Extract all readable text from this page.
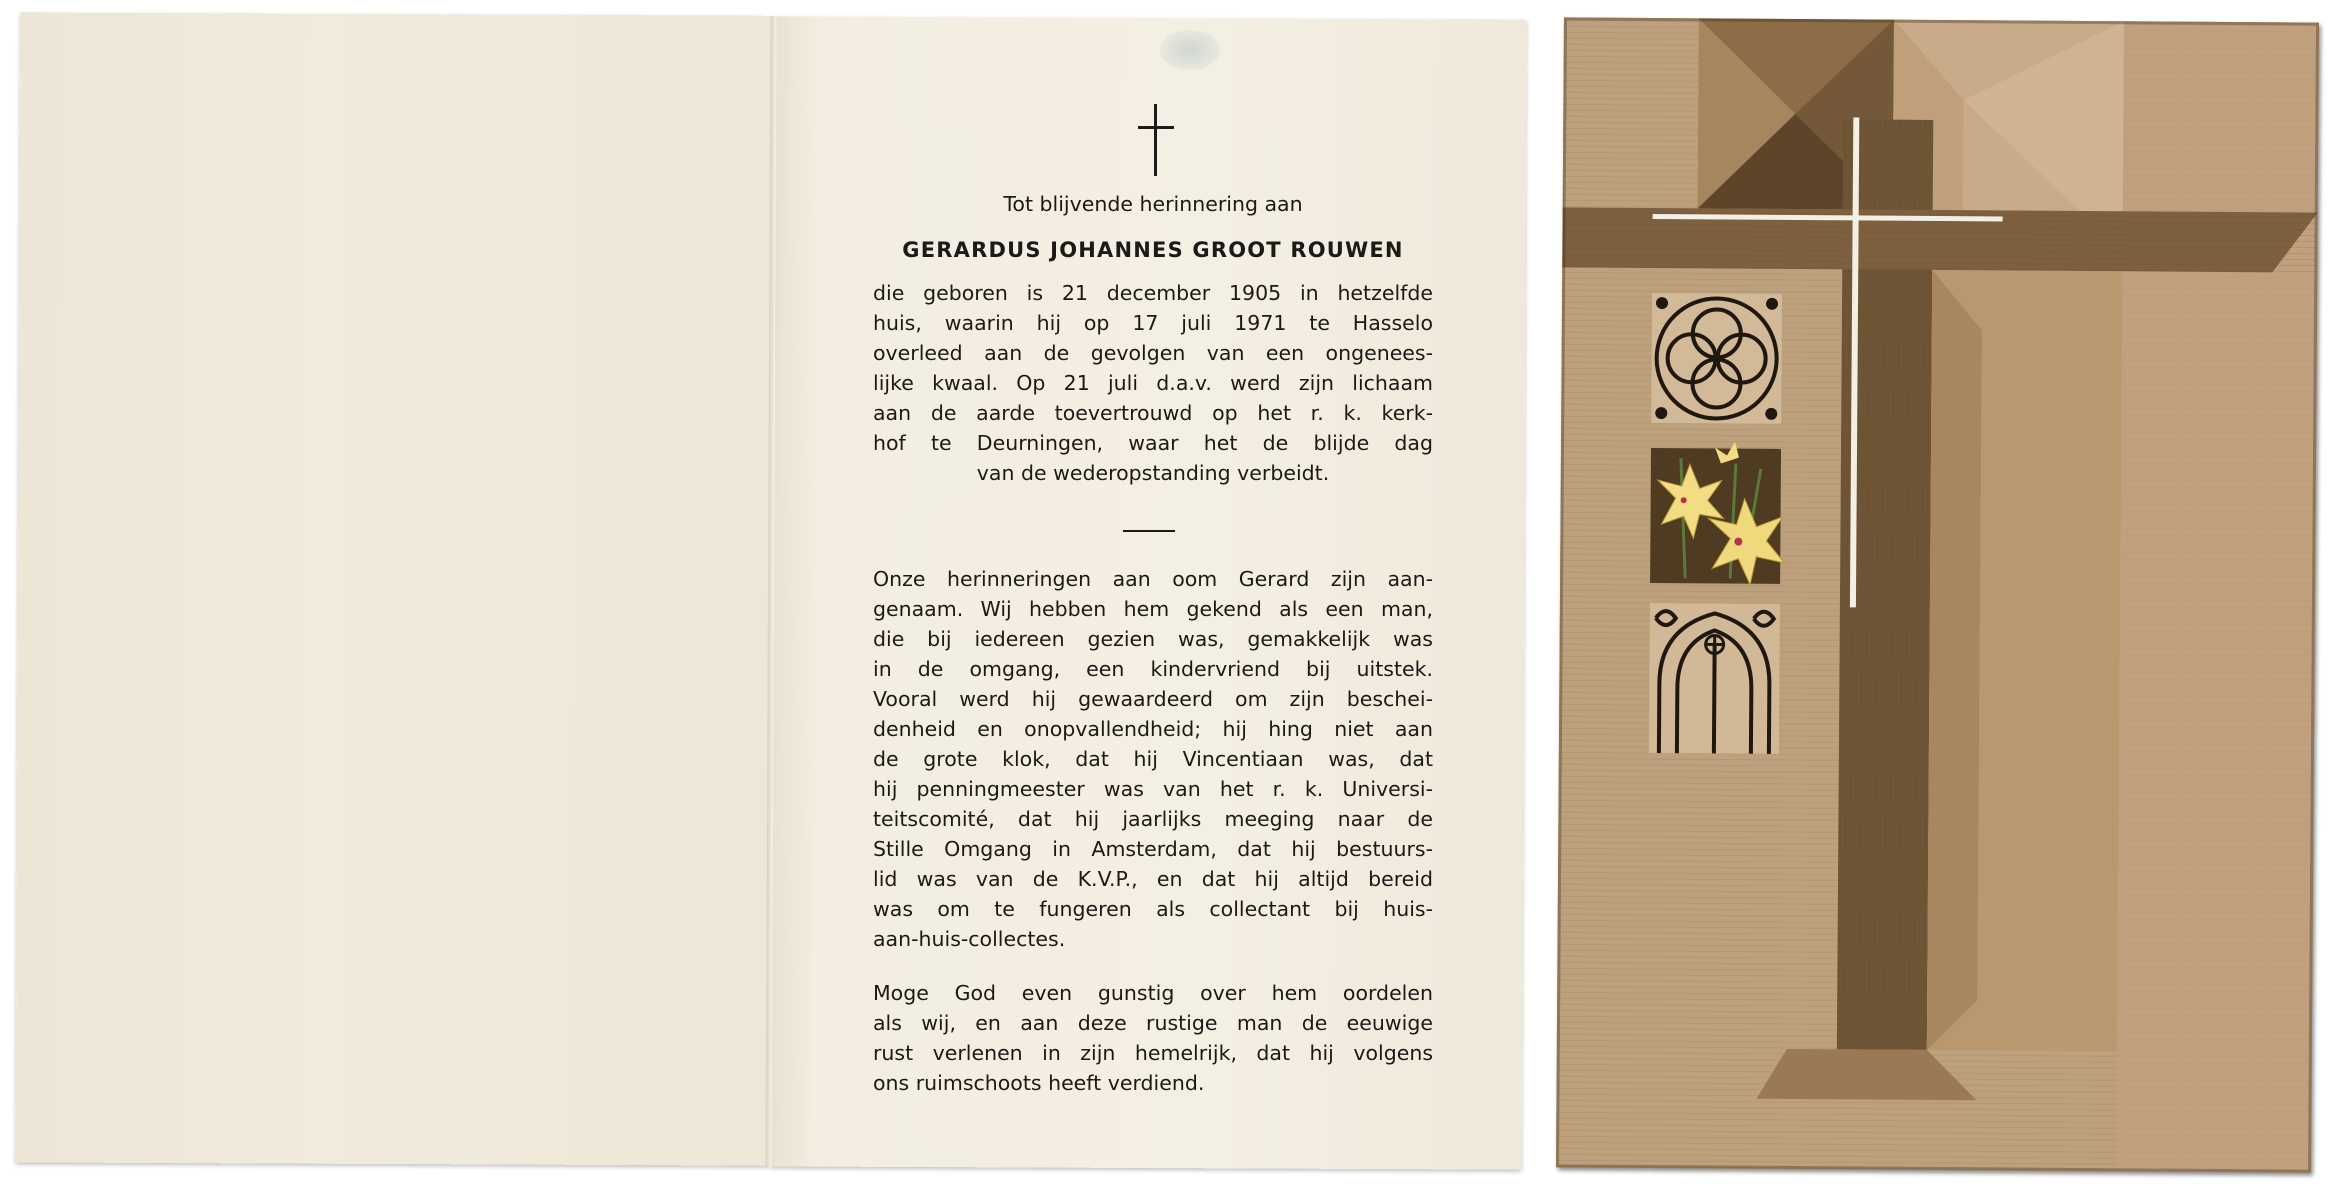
Tot blijvende herinnering aan
GERARDUS JOHANNES GROOT ROUWEN
die geboren is 21 december 1905 in hetzelfde
huis, waarin hij op 17 juli 1971 te Hasselo
overleed aan de gevolgen van een ongenees-
lijke kwaal. Op 21 juli d.a.v. werd zijn lichaam
aan de aarde toevertrouwd op het r. k. kerk-
hof te Deurningen, waar het de blijde dag
van de wederopstanding verbeidt.
Onze herinneringen aan oom Gerard zijn aan-
genaam. Wij hebben hem gekend als een man,
die bij iedereen gezien was, gemakkelijk was
in de omgang, een kindervriend bij uitstek.
Vooral werd hij gewaardeerd om zijn beschei-
denheid en onopvallendheid; hij hing niet aan
de grote klok, dat hij Vincentiaan was, dat
hij penningmeester was van het r. k. Universi-
teitscomité, dat hij jaarlijks meeging naar de
Stille Omgang in Amsterdam, dat hij bestuurs-
lid was van de K.V.P., en dat hij altijd bereid
was om te fungeren als collectant bij huis-
aan-huis-collectes.
Moge God even gunstig over hem oordelen
als wij, en aan deze rustige man de eeuwige
rust verlenen in zijn hemelrijk, dat hij volgens
ons ruimschoots heeft verdiend.
